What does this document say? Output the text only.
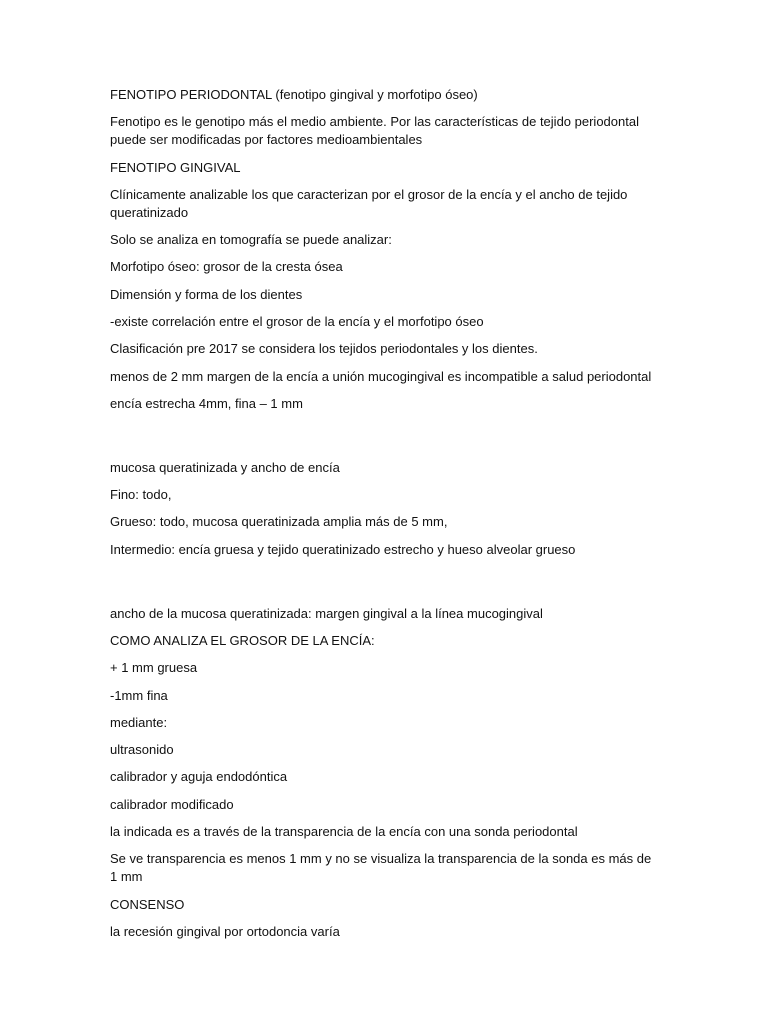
FENOTIPO PERIODONTAL (fenotipo gingival y morfotipo óseo)

Fenotipo es le genotipo más el medio ambiente. Por las características de tejido periodontal puede ser modificadas por factores medioambientales

FENOTIPO GINGIVAL

Clínicamente analizable los que caracterizan por el grosor de la encía y el ancho de tejido queratinizado

Solo se analiza en tomografía se puede analizar:

Morfotipo óseo: grosor de la cresta ósea

Dimensión y forma de los dientes

-existe correlación entre el grosor de la encía y el morfotipo óseo

Clasificación pre 2017 se considera los tejidos periodontales y los dientes.

menos de 2 mm margen de la encía a unión mucogingival es incompatible a salud periodontal

encía estrecha 4mm, fina – 1 mm

mucosa queratinizada y ancho de encía

Fino: todo,

Grueso: todo, mucosa queratinizada amplia más de 5 mm,

Intermedio: encía gruesa y tejido queratinizado estrecho y hueso alveolar grueso

ancho de la mucosa queratinizada: margen gingival a la línea mucogingival

COMO ANALIZA EL GROSOR DE LA ENCÍA:

+ 1 mm gruesa

-1mm fina

mediante:

ultrasonido

calibrador y aguja endodóntica

calibrador modificado

la indicada es a través de la transparencia de la encía con una sonda periodontal

Se ve transparencia es menos 1 mm y no se visualiza la transparencia de la sonda es más de 1 mm

CONSENSO

la recesión gingival por ortodoncia varía
